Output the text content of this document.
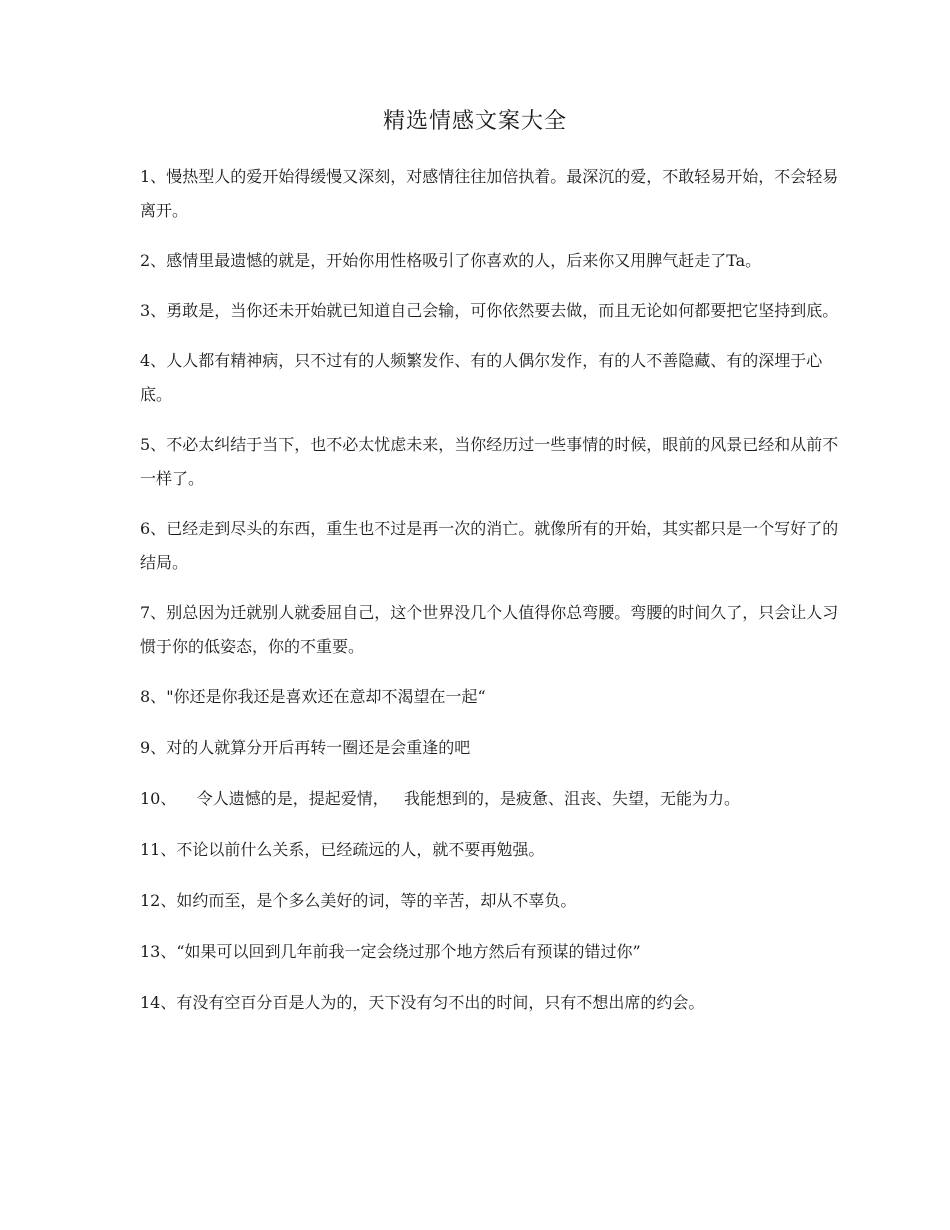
精选情感文案大全
1、慢热型人的爱开始得缓慢又深刻，对感情往往加倍执着。最深沉的爱，不敢轻易开始，不会轻易离开。
2、感情里最遗憾的就是，开始你用性格吸引了你喜欢的人，后来你又用脾气赶走了Ta。
3、勇敢是，当你还未开始就已知道自己会输，可你依然要去做，而且无论如何都要把它坚持到底。
4、人人都有精神病，只不过有的人频繁发作、有的人偶尔发作，有的人不善隐藏、有的深埋于心底。
5、不必太纠结于当下，也不必太忧虑未来，当你经历过一些事情的时候，眼前的风景已经和从前不一样了。
6、已经走到尽头的东西，重生也不过是再一次的消亡。就像所有的开始，其实都只是一个写好了的结局。
7、别总因为迁就别人就委屈自己，这个世界没几个人值得你总弯腰。弯腰的时间久了，只会让人习惯于你的低姿态，你的不重要。
8、"你还是你我还是喜欢还在意却不渴望在一起“
9、对的人就算分开后再转一圈还是会重逢的吧
10、    令人遗憾的是，提起爱情，   我能想到的，是疲惫、沮丧、失望，无能为力。
11、不论以前什么关系，已经疏远的人，就不要再勉强。
12、如约而至，是个多么美好的词，等的辛苦，却从不辜负。
13、“如果可以回到几年前我一定会绕过那个地方然后有预谋的错过你”
14、有没有空百分百是人为的，天下没有匀不出的时间，只有不想出席的约会。
